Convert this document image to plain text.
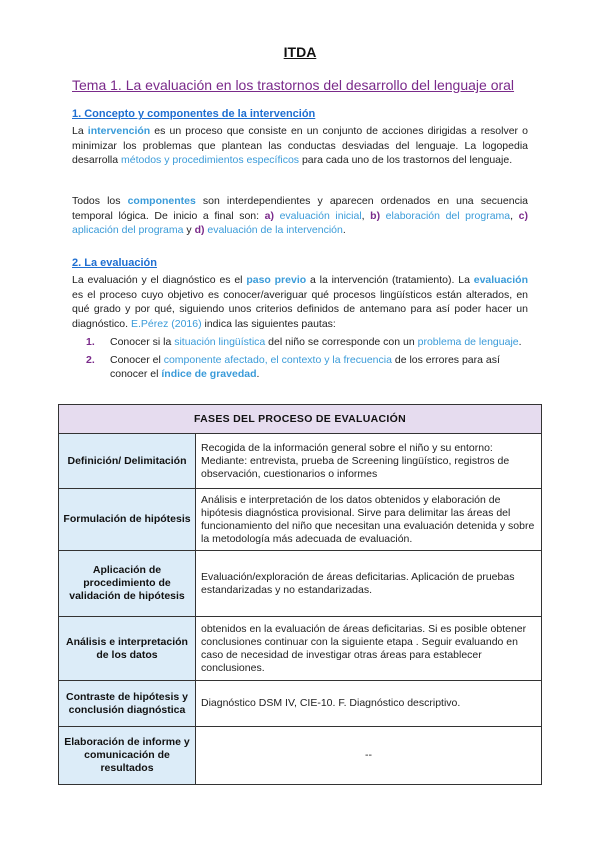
ITDA
Tema 1. La evaluación en los trastornos del desarrollo del lenguaje oral
1. Concepto y componentes de la intervención
La intervención es un proceso que consiste en un conjunto de acciones dirigidas a resolver o minimizar los problemas que plantean las conductas desviadas del lenguaje. La logopedia desarrolla métodos y procedimientos específicos para cada uno de los trastornos del lenguaje.
Todos los componentes son interdependientes y aparecen ordenados en una secuencia temporal lógica. De inicio a final son: a) evaluación inicial, b) elaboración del programa, c) aplicación del programa y d) evaluación de la intervención.
2. La evaluación
La evaluación y el diagnóstico es el paso previo a la intervención (tratamiento). La evaluación es el proceso cuyo objetivo es conocer/averiguar qué procesos lingüísticos están alterados, en qué grado y por qué, siguiendo unos criterios definidos de antemano para así poder hacer un diagnóstico. E.Pérez (2016) indica las siguientes pautas:
1. Conocer si la situación lingüística del niño se corresponde con un problema de lenguaje.
2. Conocer el componente afectado, el contexto y la frecuencia de los errores para así conocer el índice de gravedad.
FASES DEL PROCESO DE EVALUACIÓN	
Definición/ Delimitación	Recogida de la información general sobre el niño y su entorno: Mediante: entrevista, prueba de Screening lingüístico, registros de observación, cuestionarios o informes
Formulación de hipótesis	Análisis e interpretación de los datos obtenidos y elaboración de hipótesis diagnóstica provisional. Sirve para delimitar las áreas del funcionamiento del niño que necesitan una evaluación detenida y sobre la metodología más adecuada de evaluación.
Aplicación de procedimiento de validación de hipótesis	Evaluación/exploración de áreas deficitarias. Aplicación de pruebas estandarizadas y no estandarizadas.
Análisis e interpretación de los datos	obtenidos en la evaluación de áreas deficitarias. Si es posible obtener conclusiones continuar con la siguiente etapa . Seguir evaluando en caso de necesidad de investigar otras áreas para establecer conclusiones.
Contraste de hipótesis y conclusión diagnóstica	Diagnóstico DSM IV, CIE-10. F. Diagnóstico descriptivo.
Elaboración de informe y comunicación de resultados	--
